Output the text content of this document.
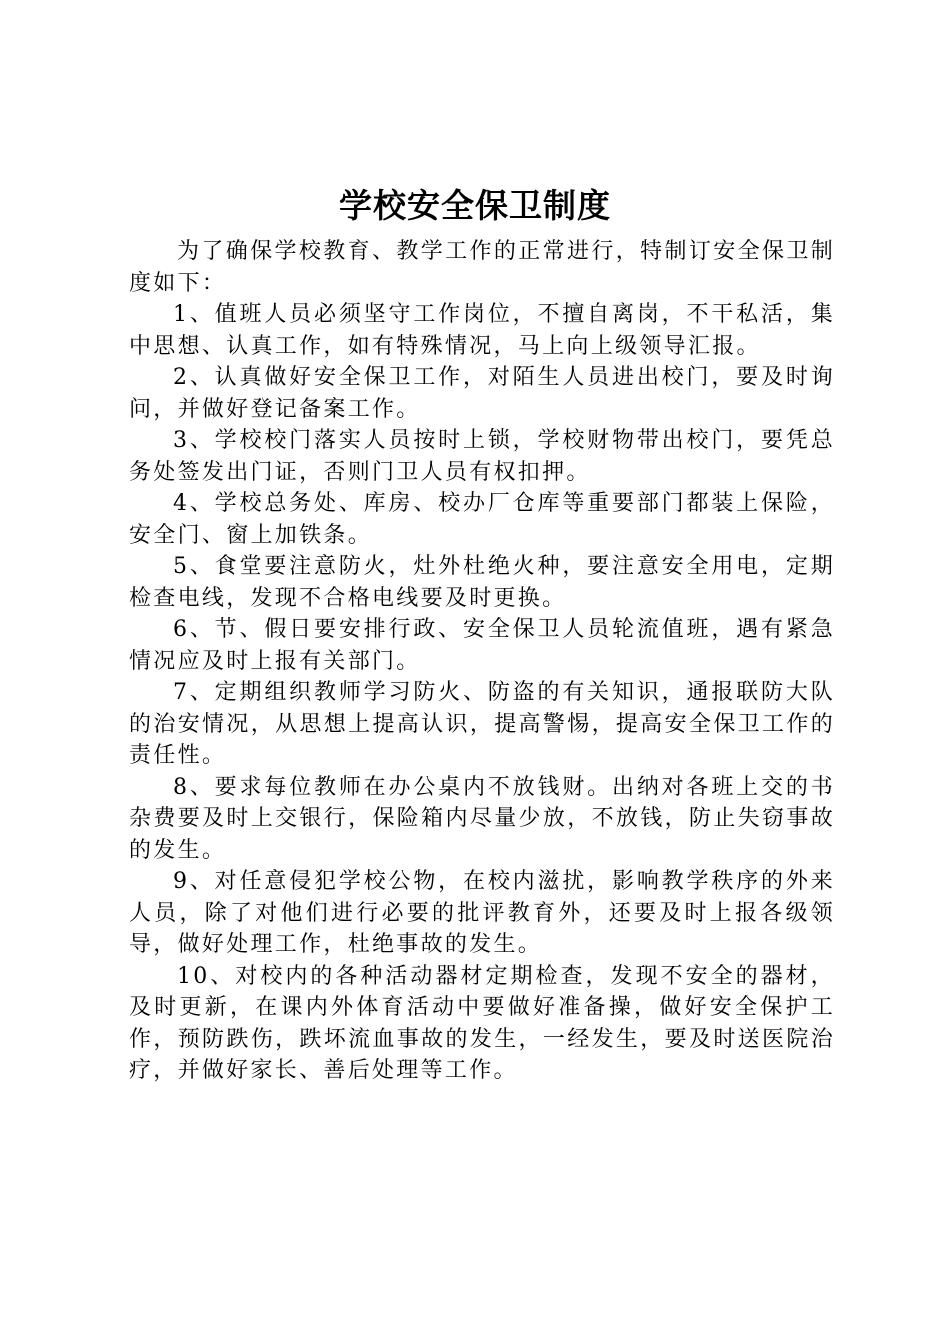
学校安全保卫制度

为了确保学校教育、教学工作的正常进行，特制订安全保卫制度如下：

1、值班人员必须坚守工作岗位，不擅自离岗，不干私活，集中思想、认真工作，如有特殊情况，马上向上级领导汇报。

2、认真做好安全保卫工作，对陌生人员进出校门，要及时询问，并做好登记备案工作。

3、学校校门落实人员按时上锁，学校财物带出校门，要凭总务处签发出门证，否则门卫人员有权扣押。

4、学校总务处、库房、校办厂仓库等重要部门都装上保险，安全门、窗上加铁条。

5、食堂要注意防火，灶外杜绝火种，要注意安全用电，定期检查电线，发现不合格电线要及时更换。

6、节、假日要安排行政、安全保卫人员轮流值班，遇有紧急情况应及时上报有关部门。

7、定期组织教师学习防火、防盗的有关知识，通报联防大队的治安情况，从思想上提高认识，提高警惕，提高安全保卫工作的责任性。

8、要求每位教师在办公桌内不放钱财。出纳对各班上交的书杂费要及时上交银行，保险箱内尽量少放，不放钱，防止失窃事故的发生。

9、对任意侵犯学校公物，在校内滋扰，影响教学秩序的外来人员，除了对他们进行必要的批评教育外，还要及时上报各级领导，做好处理工作，杜绝事故的发生。

10、对校内的各种活动器材定期检查，发现不安全的器材，及时更新，在课内外体育活动中要做好准备操，做好安全保护工作，预防跌伤，跌坏流血事故的发生，一经发生，要及时送医院治疗，并做好家长、善后处理等工作。
